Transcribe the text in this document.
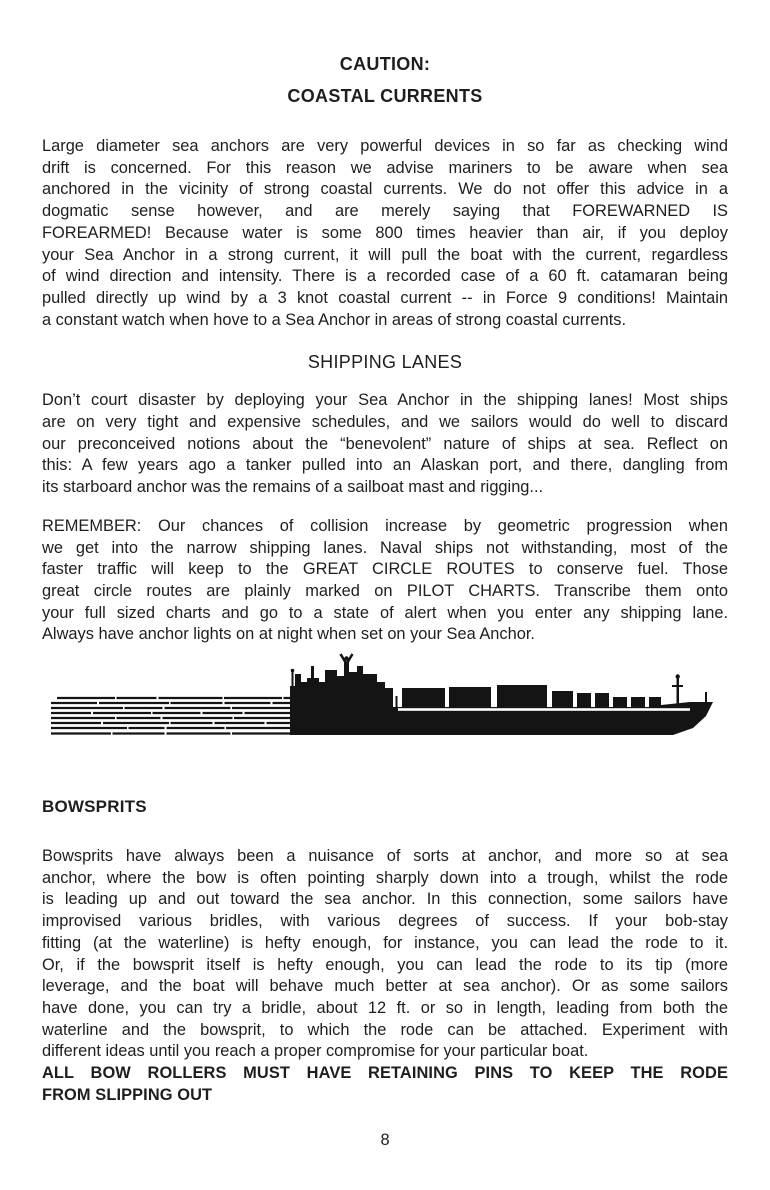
CAUTION:
COASTAL CURRENTS
Large diameter sea anchors are very powerful devices in so far as checking wind
drift is concerned. For this reason we advise mariners to be aware when sea
anchored in the vicinity of strong coastal currents. We do not offer this advice in a
dogmatic sense however, and are merely saying that FOREWARNED IS
FOREARMED! Because water is some 800 times heavier than air, if you deploy
your Sea Anchor in a strong current, it will pull the boat with the current, regardless
of wind direction and intensity. There is a recorded case of a 60 ft. catamaran being
pulled directly up wind by a 3 knot coastal current -- in Force 9 conditions! Maintain
a constant watch when hove to a Sea Anchor in areas of strong coastal currents.
SHIPPING LANES
Don’t court disaster by deploying your Sea Anchor in the shipping lanes! Most ships
are on very tight and expensive schedules, and we sailors would do well to discard
our preconceived notions about the “benevolent” nature of ships at sea. Reflect on
this: A few years ago a tanker pulled into an Alaskan port, and there, dangling from
its starboard anchor was the remains of a sailboat mast and rigging...
REMEMBER: Our chances of collision increase by geometric progression when
we get into the narrow shipping lanes. Naval ships not withstanding, most of the
faster traffic will keep to the GREAT CIRCLE ROUTES to conserve fuel. Those
great circle routes are plainly marked on PILOT CHARTS. Transcribe them onto
your full sized charts and go to a state of alert when you enter any shipping lane.
Always have anchor lights on at night when set on your Sea Anchor.
BOWSPRITS
Bowsprits have always been a nuisance of sorts at anchor, and more so at sea
anchor, where the bow is often pointing sharply down into a trough, whilst the rode
is leading up and out toward the sea anchor. In this connection, some sailors have
improvised various bridles, with various degrees of success. If your bob-stay
fitting (at the waterline) is hefty enough, for instance, you can lead the rode to it.
Or, if the bowsprit itself is hefty enough, you can lead the rode to its tip (more
leverage, and the boat will behave much better at sea anchor). Or as some sailors
have done, you can try a bridle, about 12 ft. or so in length, leading from both the
waterline and the bowsprit, to which the rode can be attached. Experiment with
different ideas until you reach a proper compromise for your particular boat.
ALL BOW ROLLERS MUST HAVE RETAINING PINS TO KEEP THE RODE
FROM SLIPPING OUT
8
